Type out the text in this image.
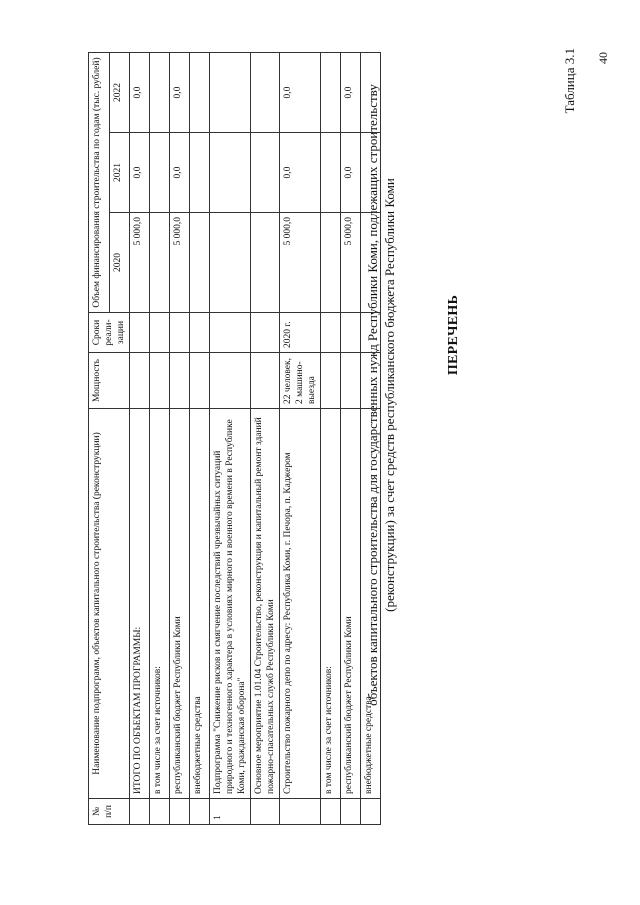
40
Таблица 3.1
ПЕРЕЧЕНЬ
объектов капитального строительства для государственных нужд Республики Коми, подлежащих строительству (реконструкции) за счет средств республиканского бюджета Республики Коми
№ п/п	Наименование подпрограмм, объектов капитального строительства (реконструкции)	Мощность	Сроки реали-зации	Объем финансирования строительства по годам (тыс. рублей)		
				2020	2021	2022
	ИТОГО ПО ОБЪЕКТАМ ПРОГРАММЫ:			5 000,0	0,0	0,0
	в том числе за счет источников:					
	республиканский бюджет Республики Коми			5 000,0	0,0	0,0
	внебюджетные средства					
1	Подпрограмма "Снижение рисков и смягчение последствий чрезвычайных ситуаций природного и техногенного характера в условиях мирного и военного времени в Республике Коми, гражданская оборона"					
	Основное мероприятие 1.01.04 Строительство, реконструкция и капитальный ремонт зданий пожарно-спасательных служб Республики Коми					
	Строительство пожарного депо по адресу: Республика Коми, г. Печора, п. Каджером	22 человек, 2 машино-выезда	2020 г.	5 000,0	0,0	0,0
	в том числе за счет источников:					
	республиканский бюджет Республики Коми			5 000,0	0,0	0,0
	внебюджетные средства					
